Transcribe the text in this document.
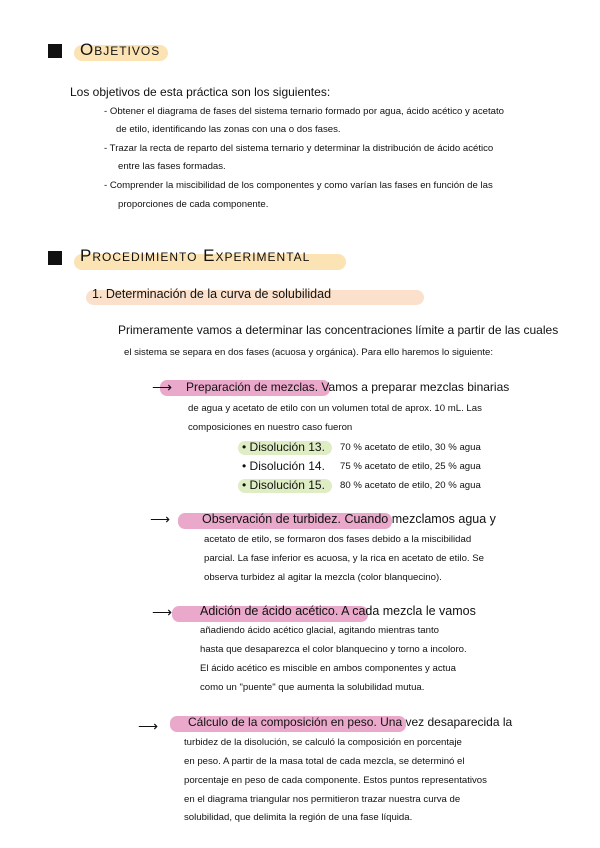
Objetivos
Los objetivos de esta práctica son los siguientes:
- Obtener el diagrama de fases del sistema ternario formado por agua, ácido acético y acetato
de etilo, identificando las zonas con una o dos fases.
- Trazar la recta de reparto del sistema ternario y determinar la distribución de ácido acético
entre las fases formadas.
- Comprender la miscibilidad de los componentes y como varían las fases en función de las
proporciones de cada componente.
Procedimiento Experimental
1. Determinación de la curva de solubilidad
Primeramente vamos a determinar las concentraciones límite a partir de las cuales
el sistema se separa en dos fases (acuosa y orgánica). Para ello haremos lo siguiente:
⟶ Preparación de mezclas. Vamos a preparar mezclas binarias
de agua y acetato de etilo con un volumen total de aprox. 10 mL. Las
composiciones en nuestro caso fueron
• Disolución 13. 70 % acetato de etilo, 30 % agua
• Disolución 14. 75 % acetato de etilo, 25 % agua
• Disolución 15. 80 % acetato de etilo, 20 % agua
⟶	Observación de turbidez. Cuando mezclamos agua y
acetato de etilo, se formaron dos fases debido a la miscibilidad
parcial. La fase inferior es acuosa, y la rica en acetato de etilo. Se
observa turbidez al agitar la mezcla (color blanquecino).
⟶ Adición de ácido acético. A cada mezcla le vamos
añadiendo ácido acético glacial, agitando mientras tanto
hasta que desaparezca el color blanquecino y torno a incoloro.
El ácido acético es miscible en ambos componentes y actua
como un "puente" que aumenta la solubilidad mutua.
⟶ Cálculo de la composición en peso. Una vez desaparecida la
turbidez de la disolución, se calculó la composición en porcentaje
en peso. A partir de la masa total de cada mezcla, se determinó el
porcentaje en peso de cada componente. Estos puntos representativos
en el diagrama triangular nos permitieron trazar nuestra curva de
solubilidad, que delimita la región de una fase líquida.
